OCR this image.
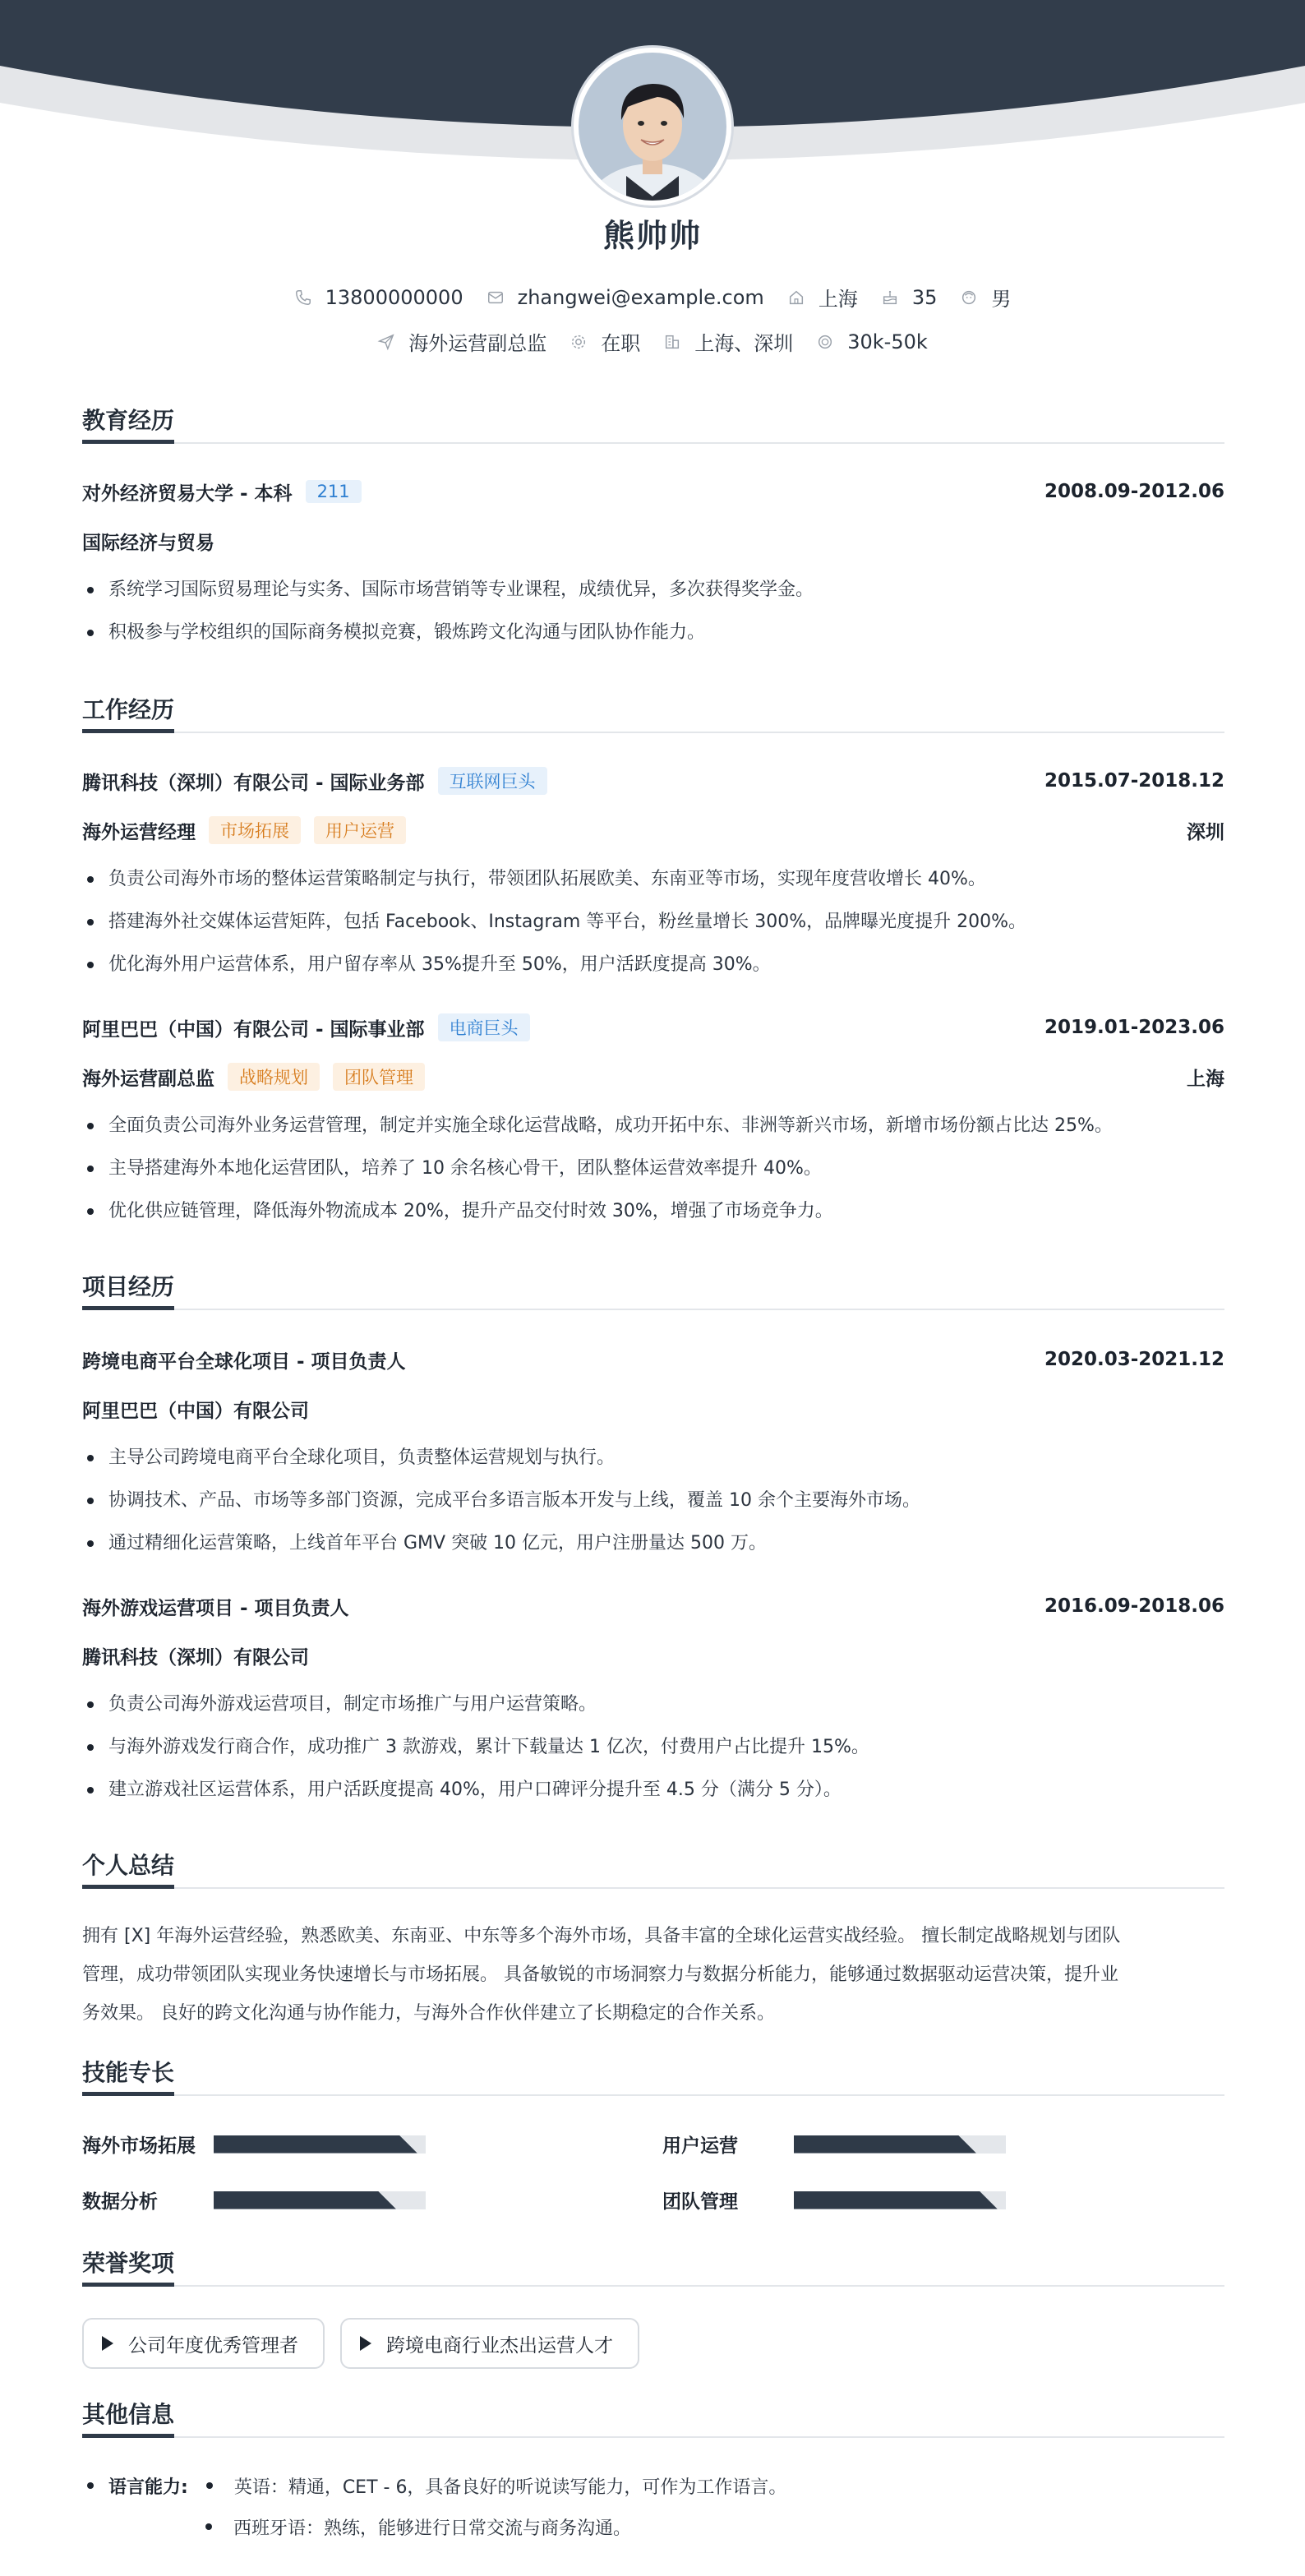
熊帅帅
13800000000	zhangwei@example.com	上海	35	男
海外运营副总监	在职	上海、深圳	30k-50k
教育经历
对外经济贸易大学 - 本科	211	2008.09-2012.06
国际经济与贸易
系统学习国际贸易理论与实务、国际市场营销等专业课程，成绩优异，多次获得奖学金。
积极参与学校组织的国际商务模拟竞赛，锻炼跨文化沟通与团队协作能力。
工作经历
腾讯科技（深圳）有限公司 - 国际业务部	互联网巨头	2015.07-2018.12
海外运营经理	市场拓展	用户运营	深圳
负责公司海外市场的整体运营策略制定与执行，带领团队拓展欧美、东南亚等市场，实现年度营收增长 40%。
搭建海外社交媒体运营矩阵，包括 Facebook、Instagram 等平台，粉丝量增长 300%，品牌曝光度提升 200%。
优化海外用户运营体系，用户留存率从 35%提升至 50%，用户活跃度提高 30%。
阿里巴巴（中国）有限公司 - 国际事业部	电商巨头	2019.01-2023.06
海外运营副总监	战略规划	团队管理	上海
全面负责公司海外业务运营管理，制定并实施全球化运营战略，成功开拓中东、非洲等新兴市场，新增市场份额占比达 25%。
主导搭建海外本地化运营团队，培养了 10 余名核心骨干，团队整体运营效率提升 40%。
优化供应链管理，降低海外物流成本 20%，提升产品交付时效 30%，增强了市场竞争力。
项目经历
跨境电商平台全球化项目 - 项目负责人	2020.03-2021.12
阿里巴巴（中国）有限公司
主导公司跨境电商平台全球化项目，负责整体运营规划与执行。
协调技术、产品、市场等多部门资源，完成平台多语言版本开发与上线，覆盖 10 余个主要海外市场。
通过精细化运营策略，上线首年平台 GMV 突破 10 亿元，用户注册量达 500 万。
海外游戏运营项目 - 项目负责人	2016.09-2018.06
腾讯科技（深圳）有限公司
负责公司海外游戏运营项目，制定市场推广与用户运营策略。
与海外游戏发行商合作，成功推广 3 款游戏，累计下载量达 1 亿次，付费用户占比提升 15%。
建立游戏社区运营体系，用户活跃度提高 40%，用户口碑评分提升至 4.5 分（满分 5 分）。
个人总结
拥有 [X] 年海外运营经验，熟悉欧美、东南亚、中东等多个海外市场，具备丰富的全球化运营实战经验。 擅长制定战略规划与团队
管理，成功带领团队实现业务快速增长与市场拓展。 具备敏锐的市场洞察力与数据分析能力，能够通过数据驱动运营决策，提升业
务效果。 良好的跨文化沟通与协作能力，与海外合作伙伴建立了长期稳定的合作关系。
技能专长
海外市场拓展	用户运营
数据分析	团队管理
荣誉奖项
公司年度优秀管理者	跨境电商行业杰出运营人才
其他信息
语言能力:	英语：精通，CET - 6，具备良好的听说读写能力，可作为工作语言。
西班牙语：熟练，能够进行日常交流与商务沟通。
